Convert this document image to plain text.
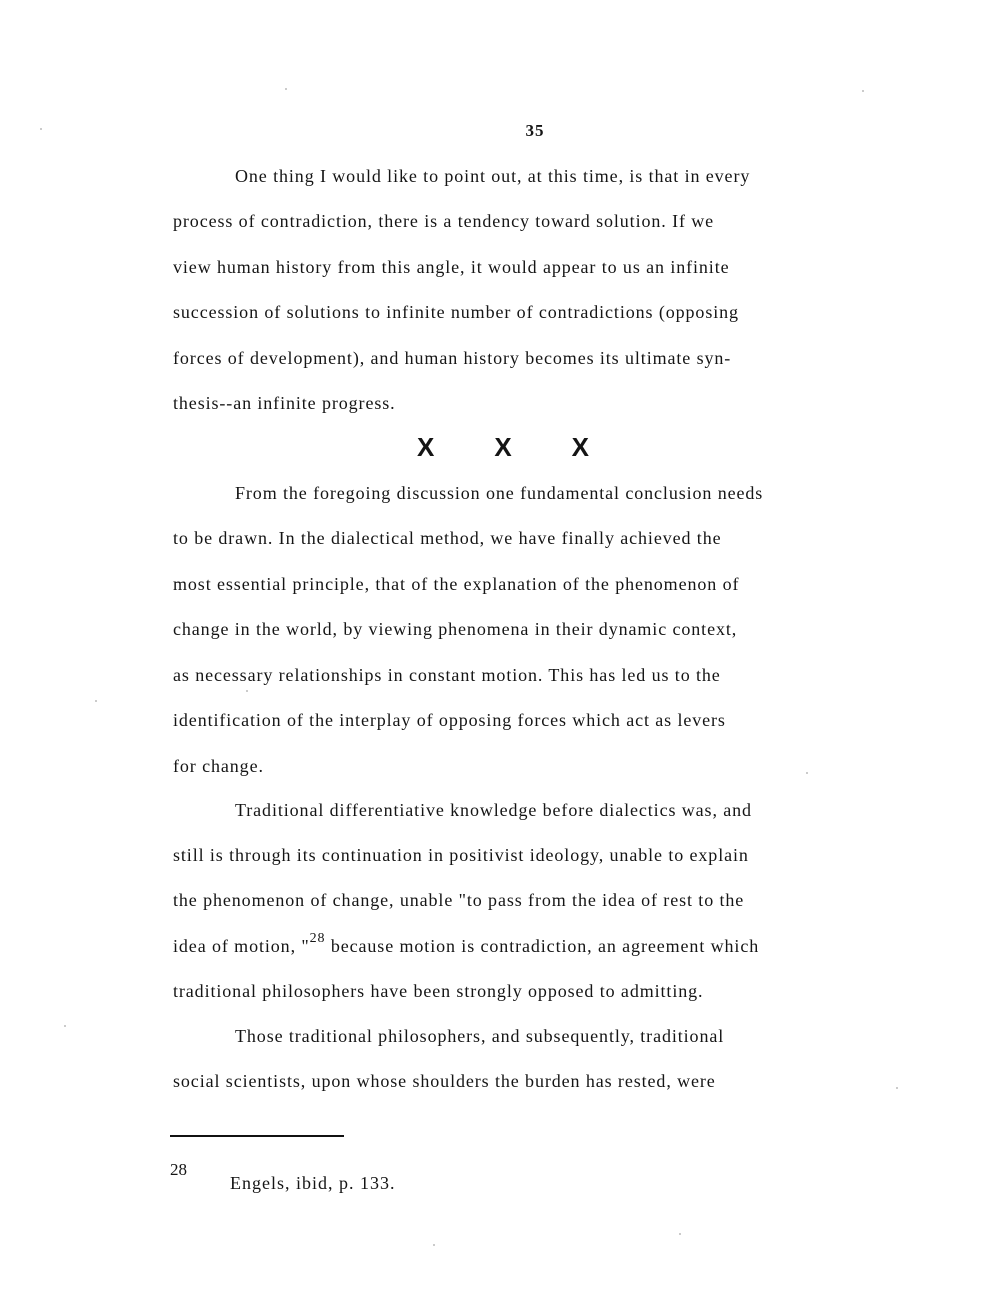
35
One thing I would like to point out, at this time, is that in every
process of contradiction, there is a tendency toward solution. If we
view human history from this angle, it would appear to us an infinite
succession of solutions to infinite number of contradictions (opposing
forces of development), and human history becomes its ultimate syn-
thesis--an infinite progress.
X X X
From the foregoing discussion one fundamental conclusion needs
to be drawn. In the dialectical method, we have finally achieved the
most essential principle, that of the explanation of the phenomenon of
change in the world, by viewing phenomena in their dynamic context,
as necessary relationships in constant motion. This has led us to the
identification of the interplay of opposing forces which act as levers
for change.
Traditional differentiative knowledge before dialectics was, and
still is through its continuation in positivist ideology, unable to explain
the phenomenon of change, unable "to pass from the idea of rest to the
idea of motion, "$^{28}$ because motion is contradiction, an agreement which
traditional philosophers have been strongly opposed to admitting.
Those traditional philosophers, and subsequently, traditional
social scientists, upon whose shoulders the burden has rested, were
28
Engels, ibid, p. 133.
